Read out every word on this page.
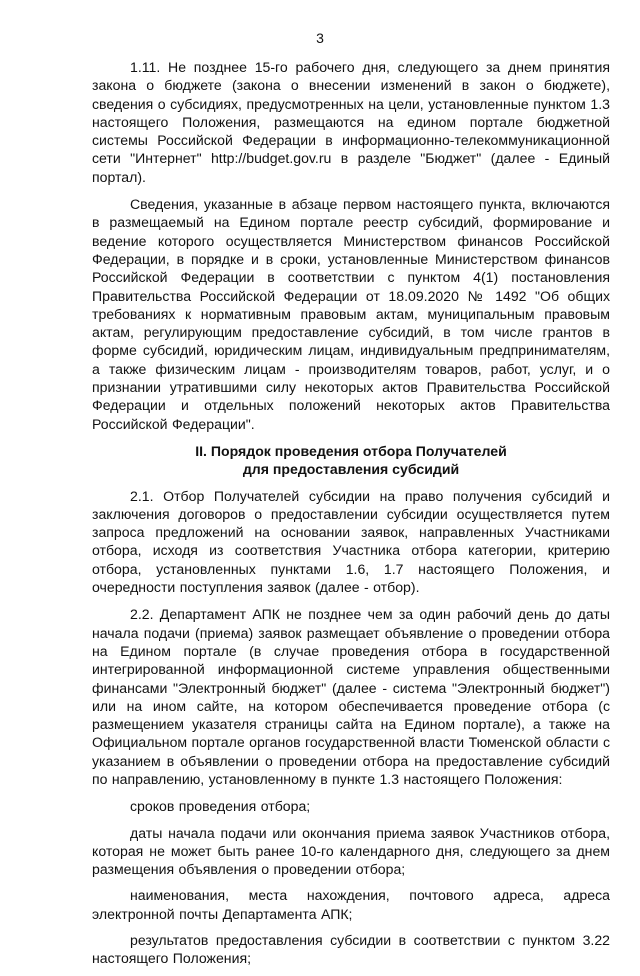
3

1.11. Не позднее 15-го рабочего дня, следующего за днем принятия закона о бюджете (закона о внесении изменений в закон о бюджете), сведения о субсидиях, предусмотренных на цели, установленные пунктом 1.3 настоящего Положения, размещаются на едином портале бюджетной системы Российской Федерации в информационно-телекоммуникационной сети "Интернет" http://budget.gov.ru в разделе "Бюджет" (далее - Единый портал).

Сведения, указанные в абзаце первом настоящего пункта, включаются в размещаемый на Едином портале реестр субсидий, формирование и ведение которого осуществляется Министерством финансов Российской Федерации, в порядке и в сроки, установленные Министерством финансов Российской Федерации в соответствии с пунктом 4(1) постановления Правительства Российской Федерации от 18.09.2020 № 1492 "Об общих требованиях к нормативным правовым актам, муниципальным правовым актам, регулирующим предоставление субсидий, в том числе грантов в форме субсидий, юридическим лицам, индивидуальным предпринимателям, а также физическим лицам - производителям товаров, работ, услуг, и о признании утратившими силу некоторых актов Правительства Российской Федерации и отдельных положений некоторых актов Правительства Российской Федерации".

II. Порядок проведения отбора Получателей
для предоставления субсидий

2.1. Отбор Получателей субсидии на право получения субсидий и заключения договоров о предоставлении субсидии осуществляется путем запроса предложений на основании заявок, направленных Участниками отбора, исходя из соответствия Участника отбора категории, критерию отбора, установленных пунктами 1.6, 1.7 настоящего Положения, и очередности поступления заявок (далее - отбор).

2.2. Департамент АПК не позднее чем за один рабочий день до даты начала подачи (приема) заявок размещает объявление о проведении отбора на Едином портале (в случае проведения отбора в государственной интегрированной информационной системе управления общественными финансами "Электронный бюджет" (далее - система "Электронный бюджет") или на ином сайте, на котором обеспечивается проведение отбора (с размещением указателя страницы сайта на Едином портале), а также на Официальном портале органов государственной власти Тюменской области с указанием в объявлении о проведении отбора на предоставление субсидий по направлению, установленному в пункте 1.3 настоящего Положения:

сроков проведения отбора;

даты начала подачи или окончания приема заявок Участников отбора, которая не может быть ранее 10-го календарного дня, следующего за днем размещения объявления о проведении отбора;

наименования, места нахождения, почтового адреса, адреса электронной почты Департамента АПК;

результатов предоставления субсидии в соответствии с пунктом 3.22 настоящего Положения;
